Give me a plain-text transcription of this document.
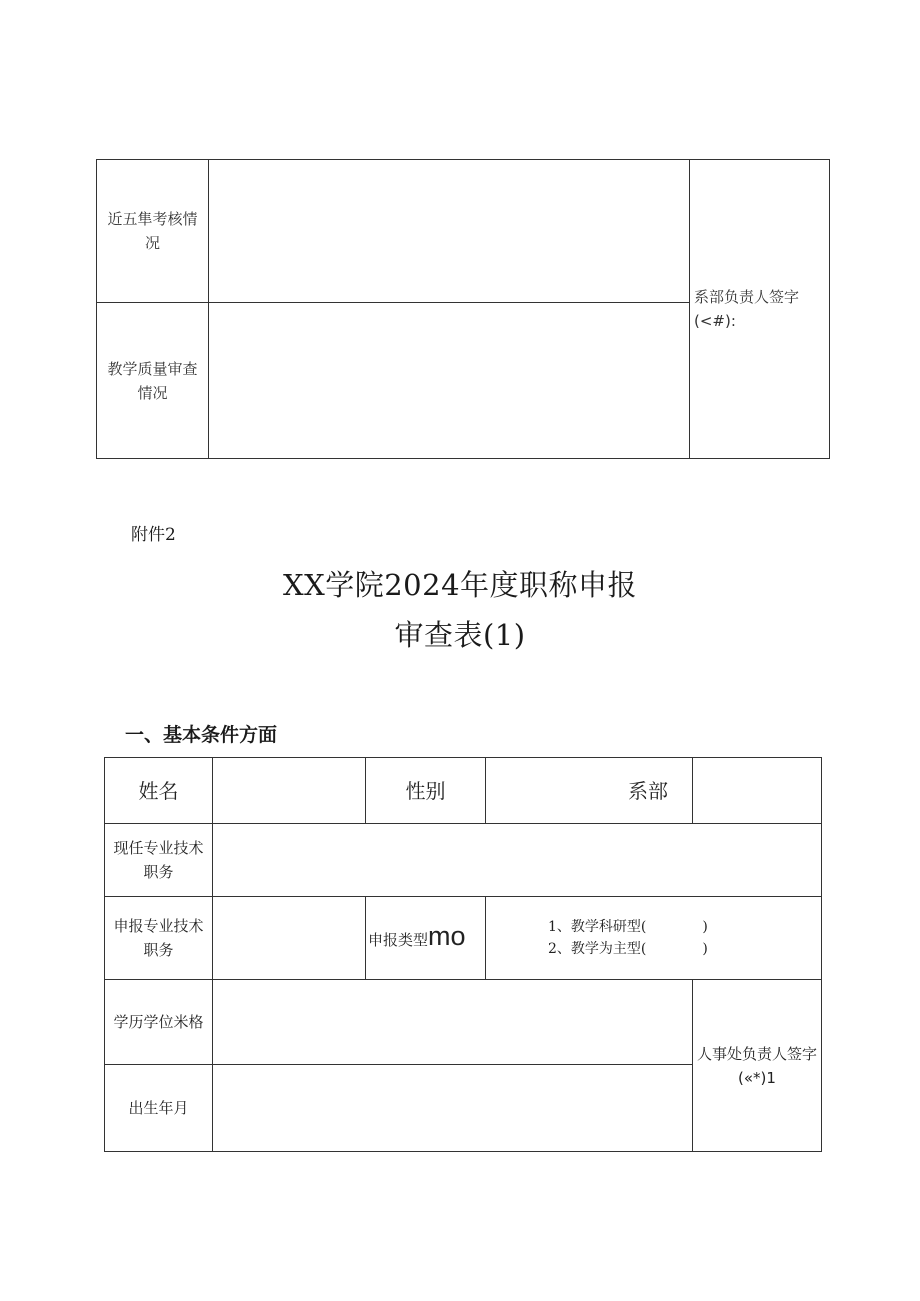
近五隼考核情况		系部负责人签字(<#):
教学质量审查情况		
附件2
XX学院2024年度职称申报
审查表(1)
一、基本条件方面
姓名		性别	系部	
现任专业技术职务				
申报专业技术职务		申报类型mo	1、教学科研型(　　　　)
2、教学为主型(　　　　)	

学历学位米格				人事处负责人签字(«*)1
出生年月				
